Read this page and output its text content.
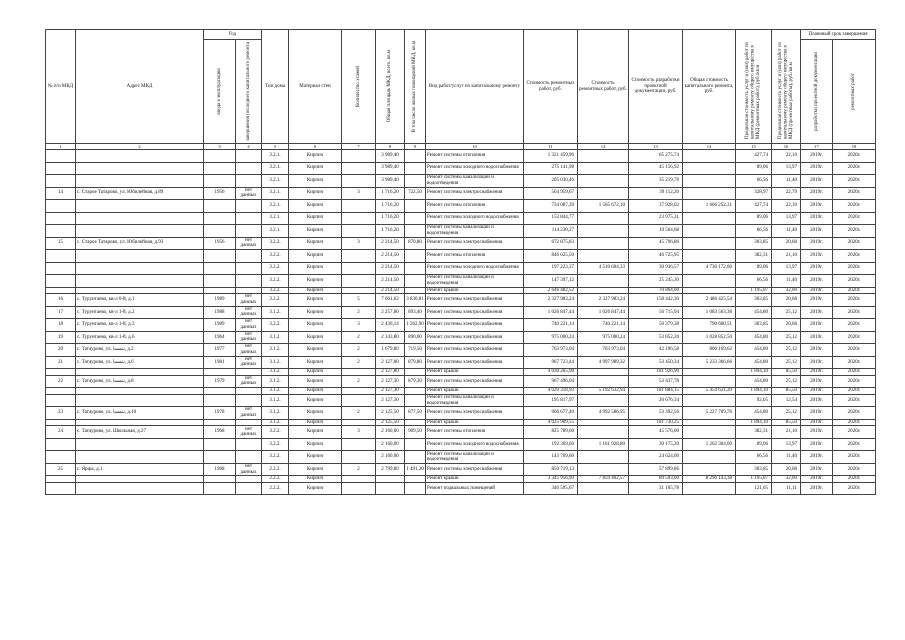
№ п/п МКД	Адрес МКД	Год		Тип дома	Материал стен	Количество этажей	Общая площадь МКД, всего, кв.м	В том числе жилых помещений МКД, кв.м	Вид работ/услуг по капитальному ремонту	Стоимость ремонтных работ, руб.	Стоимость ремонтных работ, руб.	Стоимость разработки проектной документации, руб.	Общая стоимость капитального ремонта, руб.	Предельная стоимость услуг и (или) работ по капитальному ремонту общего имущества в МКД (ремонтных работ), руб./кв.м	Предельная стоимость услуг и (или) работ по капитальному ремонту общего имущества в МКД (проектные работы), руб./кв.м	Плановый срок завершения	

		ввода в эксплуатацию	завершения последнего капитального ремонта													разработки проектной документации	ремонтных работ

1	2	3	4	5	6	7	8	9	10	11	12	13	14	15	16	17	18
				3.2.1.	Кирпич		3 989,40		Ремонт системы отопления	1 321 459,96		65 275,74		427,74	22,10	2019г.	2020г.
				3.2.1.	Кирпич		3 989,40		Ремонт системы холодного водоснабжения	275 141,98		45 156,92		89,06	13,97	2019г.	2020г.
				3.2.1.	Кирпич		3 989,40		Ремонт системы канализации и водоотведения	205 030,46		35 219,76		66,56	11,40	2019г.	2020г.
14	с. Старое Татарово, ул. Юбилейная, д.89	1956	нет данных	3.2.1.	Кирпич	3	1 716,20	722,50	Ремонт системы электроснабжения	564 959,67		39 112,20		328,97	22,79	2019г.	2020г.
				3.2.1.	Кирпич		1 716,20		Ремонт системы отопления	734 087,39	1 565 672,10	37 928,02	1 666 252,31	427,74	22,10	2019г.	2020г.
				3.2.1.	Кирпич		1 716,20		Ремонт системы холодного водоснабжения	152 844,77		23 975,31		89,06	13,97	2019г.	2020г.
				3.2.1.	Кирпич		1 716,20		Ремонт системы канализации и водоотведения	114 230,27		19 564,68		66,56	11,40	2019г.	2020г.
15	с. Старое Татарово, ул. Юбилейная, д.93	1956	нет данных	3.2.2.	Кирпич	3	2 214,50	870,80	Ремонт системы электроснабжения	672 875,83		45 796,86		303,85	20,68	2019г.	2020г.
				3.2.2.	Кирпич		2 214,50		Ремонт системы отопления	846 625,50		46 725,95		382,31	21,10	2019г.	2020г.
				3.2.2.	Кирпич		2 214,50		Ремонт системы холодного водоснабжения	197 223,37	4 510 604,33	30 936,57	4 730 172,00	89,06	13,97	2019г.	2020г.
				3.2.2.	Кирпич		2 214,50		Ремонт системы канализации и водоотведения	147 397,12		25 245,30		66,56	11,40	2019г.	2020г.
				3.2.2.	Кирпич		2 214,50		Ремонт крыши	2 646 482,52		70 864,00		1 195,07	32,00	2019г.	2020г.
16	с. Турунтаево, кв-л 0-й, д.1	1989	нет данных	3.2.2.	Кирпич	5	7 661,62	3 830,81	Ремонт системы электроснабжения	2 327 983,24	2 327 983,24	158 442,30	2 486 425,54	303,85	20,68	2019г.	2020г.
17	с. Турунтаево, кв-л 1-й, д.2	1988	нет данных	3.1.2.	Кирпич	2	2 257,80	893,40	Ремонт системы электроснабжения	1 026 847,44	1 026 847,44	56 715,94	1 083 563,38	454,80	25,12	2019г.	2020г.
18	с. Турунтаево, кв-л 1-й, д.3	1989	нет данных	3.2.2.	Кирпич	3	2 436,14	1 262,90	Ремонт системы электроснабжения	740 221,14	740 221,14	50 379,38	790 600,51	303,85	20,68	2019г.	2020г.
19	с. Турунтаево, кв-л 1-й, д.6	1964	нет данных	3.1.2.	Кирпич	2	2 143,80	890,00	Ремонт системы электроснабжения	975 000,24	975 000,24	53 852,26	1 028 852,50	454,80	25,12	2019г.	2020г.
20	с. Татаурово, ул. ننمسا, д.2	1977	нет данных	3.1.2.	Кирпич	2	1 679,80	719,50	Ремонт системы электроснабжения	763 973,04	763 973,04	42 196,58	806 169,62	454,80	25,12	2019г.	2020г.
21	с. Татаурово, ул. ننمسا, д.6	1981	нет данных	3.1.2.	Кирпич	2	2 127,80	879,80	Ремонт системы электроснабжения	967 723,44	4 997 989,32	53 450,34	5 233 366,66	454,80	25,12	2019г.	2020г.
				3.1.2.	Кирпич		2 127,80		Ремонт крыши	4 030 265,98		181 926,90		1 894,10	85,50	2019г.	2020г.
22	с. Татаурово, ул. ننمسا, д.8	1979	нет данных	3.1.2.	Кирпич	2	2 127,30	879,30	Ремонт системы электроснабжения	967 496,04		53 437,78		454,80	25,12	2019г.	2020г.
				3.1.2.	Кирпич		2 127,30		Ремонт крыши	4 029 318,93	5 192 632,94	181 884,15	5 454 631,20	1 894,10	85,50	2019г.	2020г.
				3.1.2.	Кирпич		2 127,30		Ремонт системы канализации и водоотведения	195 817,97		26 676,34		92,05	12,54	2019г.	2020г.
23	с. Татаурово, ул. ننمسا, д.10	1978	нет данных	3.1.2.	Кирпич	2	2 125,50	877,50	Ремонт системы электроснабжения	966 677,40	4 992 586,95	53 392,56	5 227 709,76	454,80	25,12	2019г.	2020г.
				3.1.2.	Кирпич		2 125,50		Ремонт крыши	4 025 909,55		181 730,25		1 894,10	85,50	2019г.	2020г.
24	с. Татаурово, ул. Школьная, д.27	1968	нет данных	3.2.2.	Кирпич	3	2 160,00	909,50	Ремонт системы отопления	825 789,60		45 576,00		382,31	21,10	2019г.	2020г.
				3.2.2.	Кирпич		2 160,00		Ремонт системы холодного водоснабжения	192 369,60	1 161 928,80	30 175,20	1 262 304,00	89,06	13,97	2019г.	2020г.
				3.2.2.	Кирпич		2 160,00		Ремонт системы канализации и водоотведения	143 769,60		24 624,00		66,56	11,40	2019г.	2020г.
25	с. Ярцы, д.1	1968	нет данных	2.2.2.	Кирпич	2	2 799,80	1 491,30	Ремонт системы электроснабжения	850 719,13		57 899,86		303,85	20,68	2019г.	2020г.
				2.2.2.	Кирпич				Ремонт крыши	3 345 956,99	7 859 402,57	89 593,60	8 296 143,38	1 195,07	32,00	2019г.	2020г.
				2.2.2.	Кирпич				Ремонт подвальных помещений	340 595,67		31 105,78		121,65	11,11	2019г.	2020г.
